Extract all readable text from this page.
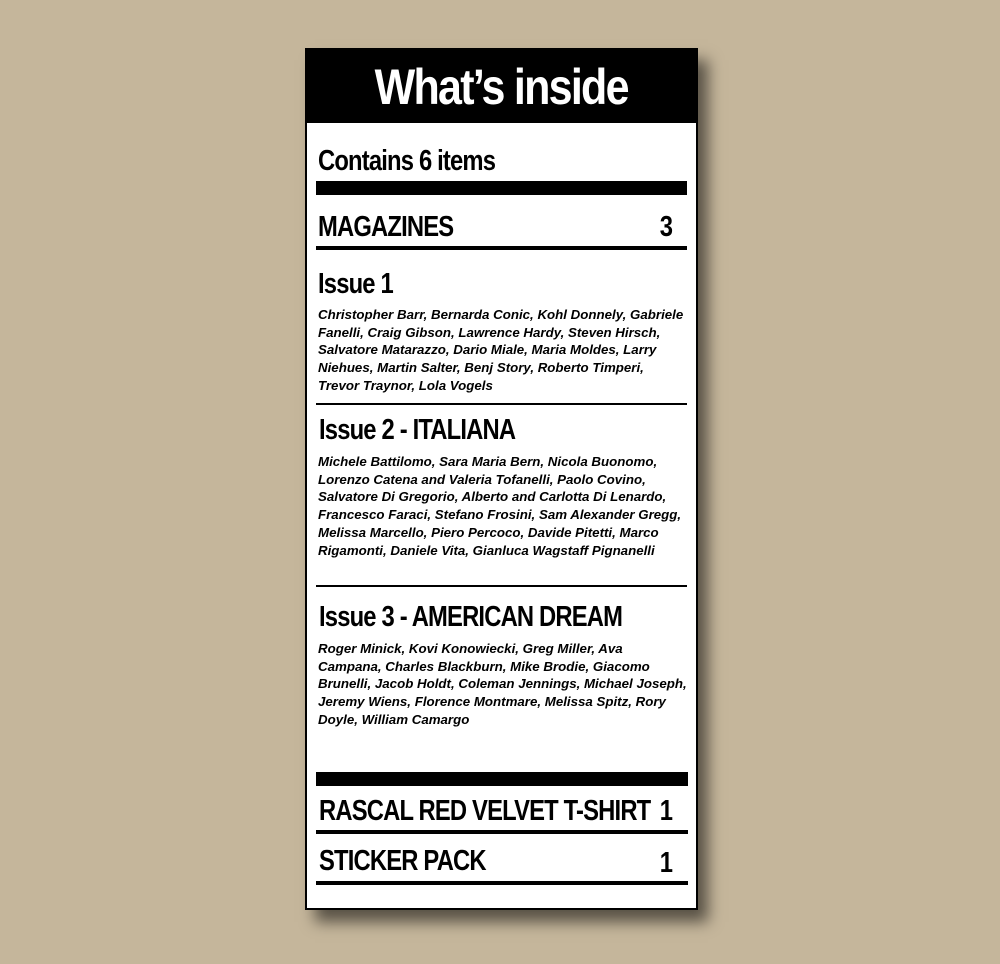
What’s inside
Contains 6 items
MAGAZINES	3
Issue 1
Christopher Barr, Bernarda Conic, Kohl Donnely, Gabriele Fanelli, Craig Gibson, Lawrence Hardy, Steven Hirsch, Salvatore Matarazzo, Dario Miale, Maria Moldes, Larry Niehues, Martin Salter, Benj Story, Roberto Timperi, Trevor Traynor, Lola Vogels
Issue 2 - ITALIANA
Michele Battilomo, Sara Maria Bern, Nicola Buonomo, Lorenzo Catena and Valeria Tofanelli, Paolo Covino, Salvatore Di Gregorio, Alberto and Carlotta Di Lenardo, Francesco Faraci, Stefano Frosini, Sam Alexander Gregg, Melissa Marcello, Piero Percoco, Davide Pitetti, Marco Rigamonti, Daniele Vita, Gianluca Wagstaff Pignanelli
Issue 3 - AMERICAN DREAM
Roger Minick, Kovi Konowiecki, Greg Miller, Ava Campana, Charles Blackburn, Mike Brodie, Giacomo Brunelli, Jacob Holdt, Coleman Jennings, Michael Joseph, Jeremy Wiens, Florence Montmare, Melissa Spitz, Rory Doyle, William Camargo
RASCAL RED VELVET T-SHIRT 1
STICKER PACK	1
